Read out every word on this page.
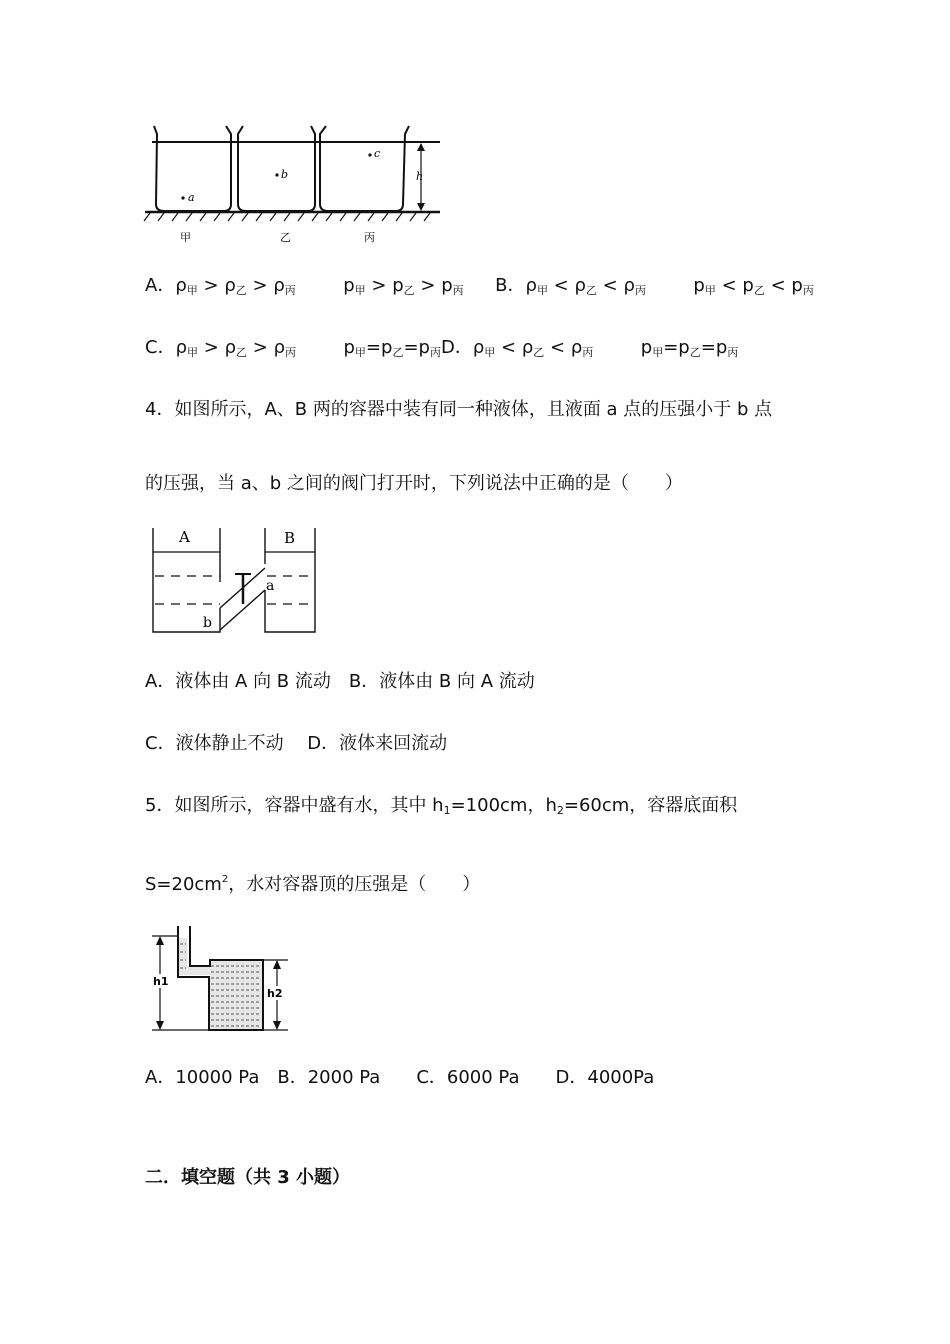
a
b
c
h
甲	乙	丙
A．$\rho_甲 > \rho_乙 > \rho_丙$	$p_甲 > p_乙 > p_丙$ B．$\rho_甲 < \rho_乙 < \rho_丙$	$p_甲 < p_乙 < p_丙$
C．$\rho_甲 > \rho_乙 > \rho_丙$	$p_甲=p_乙=p_丙D$．$\rho_甲 < \rho_乙 < \rho_丙$	$p_甲=p_乙=p_丙$
4．如图所示，A、B 两的容器中装有同一种液体，且液面 a 点的压强小于 b 点
的压强，当 a、b 之间的阀门打开时，下列说法中正确的是（　　）
A	B
a
b
A．液体由 A 向 B 流动　B．液体由 B 向 A 流动
C．液体静止不动　 D．液体来回流动
5．如图所示，容器中盛有水，其中 $h_1=100cm$，$h_2=60cm$，容器底面积
$S=20cm^2$，水对容器顶的压强是（　　）
h1
h2
A．10000 Pa　B．2000 Pa　　C．6000 Pa　　D．4000Pa
二．填空题（共 3 小题）
